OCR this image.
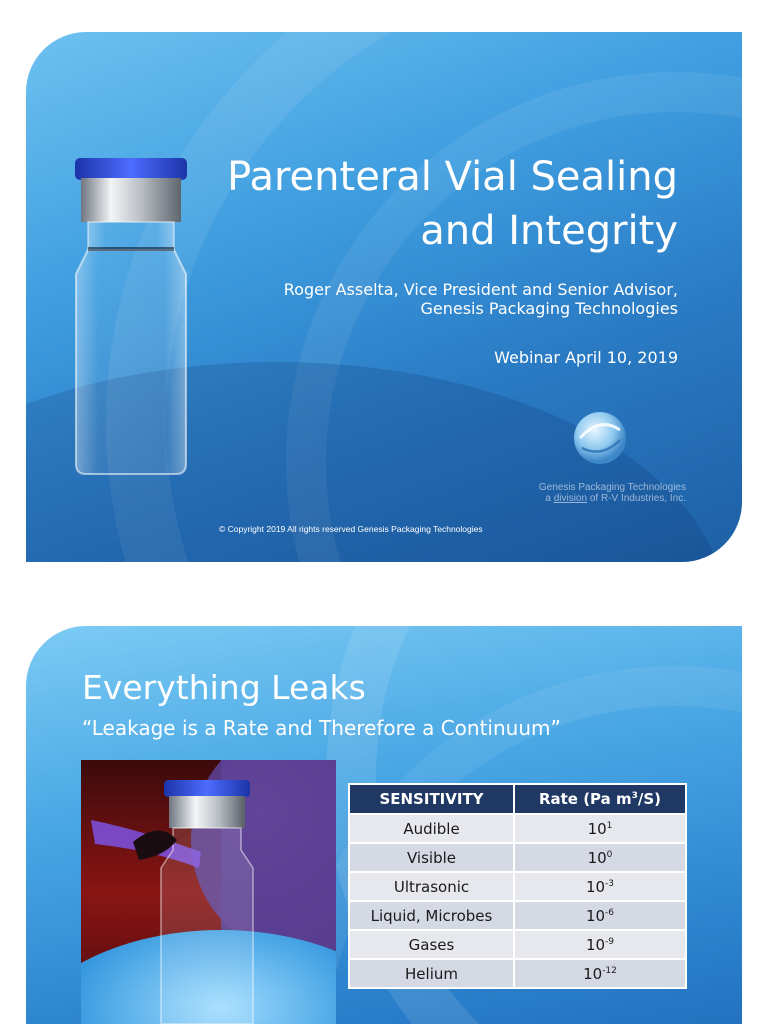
Parenteral Vial Sealing
and Integrity
Roger Asselta, Vice President and Senior Advisor,
Genesis Packaging Technologies
Webinar April 10, 2019
Genesis Packaging Technologies
a division of R-V Industries, Inc.
© Copyright 2019 All rights reserved Genesis Packaging Technologies
Everything Leaks
“Leakage is a Rate and Therefore a Continuum”
SENSITIVITY	Rate (Pa $m^3/S$)
Audible	$10^1$
Visible	$10^0$
Ultrasonic	$10^{-3}$
Liquid, Microbes	$10^{-6}$
Gases	$10^{-9}$
Helium	$10^{-12}$
